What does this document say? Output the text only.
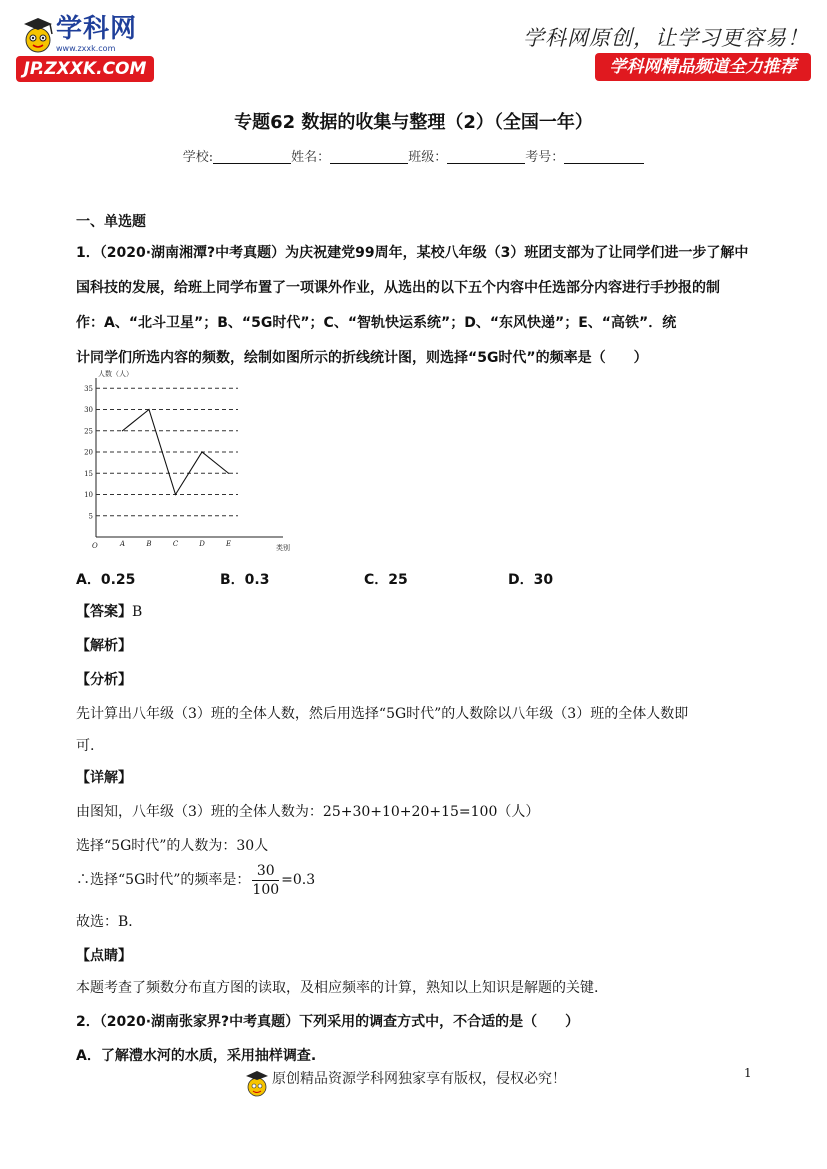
学科网
www.zxxk.com
JP.ZXXK.COM
学科网原创，让学习更容易！
学科网精品频道全力推荐
专题62 数据的收集与整理（2）（全国一年）
学校:	姓名：	班级：	考号：
一、单选题
1．（2020·湖南湘潭?中考真题）为庆祝建党99周年，某校八年级（3）班团支部为了让同学们进一步了解中
国科技的发展，给班上同学布置了一项课外作业，从选出的以下五个内容中任选部分内容进行手抄报的制
作：A、“北斗卫星”；B、“5G时代”；C、“智轨快运系统”；D、“东风快递”；E、“高铁”．统
计同学们所选内容的频数，绘制如图所示的折线统计图，则选择“5G时代”的频率是（　　）
5
10
15
20
25
30
35
O	A	B	C	D	E
人数（人）
类别
A．0.25	B．0.3	C．25	D．30
【答案】B
【解析】
【分析】
先计算出八年级（3）班的全体人数，然后用选择“5G时代”的人数除以八年级（3）班的全体人数即
可.
【详解】
由图知，八年级（3）班的全体人数为：25+30+10+20+15=100（人）
选择“5G时代”的人数为：30人
∴选择“5G时代”的频率是： $\frac{30}{100} =0.3$
故选：B．
【点睛】
本题考查了频数分布直方图的读取，及相应频率的计算，熟知以上知识是解题的关键.
2．（2020·湖南张家界?中考真题）下列采用的调查方式中，不合适的是（　　）
A．了解澧水河的水质，采用抽样调查.
1
原创精品资源学科网独家享有版权，侵权必究！
